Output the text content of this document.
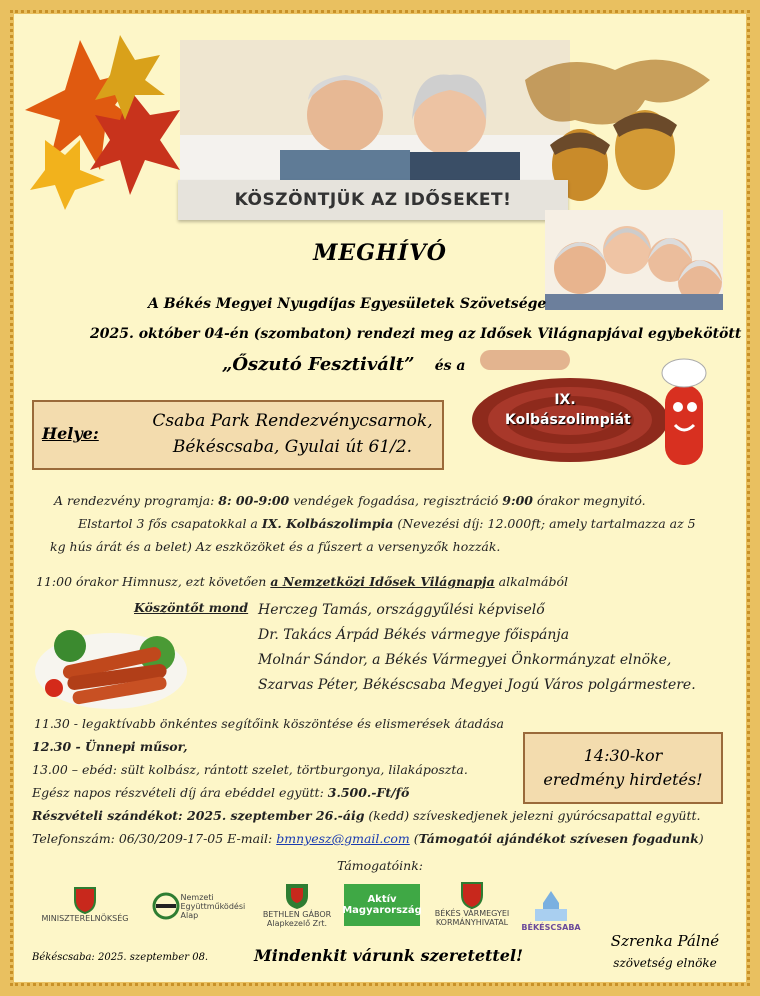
KÖSZÖNTJÜK AZ IDŐSEKET!
MEGHÍVÓ
A Békés Megyei Nyugdíjas Egyesületek Szövetsége
2025. október 04-én (szombaton) rendezi meg az Idősek Világnapjával egybekötött
„Őszutó Fesztivált” és a
IX.
Kolbászolimpiát
Helye:
Csaba Park Rendezvénycsarnok,
Békéscsaba, Gyulai út 61/2.
A rendezvény programja: 8: 00-9:00 vendégek fogadása, regisztráció 9:00 órakor megnyitó.
Elstartol 3 fős csapatokkal a IX. Kolbászolimpia (Nevezési díj: 12.000ft; amely tartalmazza az 5
kg hús árát és a belet) Az eszközöket és a fűszert a versenyzők hozzák.
11:00 órakor Himnusz, ezt követően a Nemzetközi Idősek Világnapja alkalmából
Köszöntőt mond Herczeg Tamás, országgyűlési képviselő
Dr. Takács Árpád Békés vármegye főispánja
Molnár Sándor, a Békés Vármegyei Önkormányzat elnöke,
Szarvas Péter, Békéscsaba Megyei Jogú Város polgármestere.
11.30 - legaktívabb önkéntes segítőink köszöntése és elismerések átadása
12.30 - Ünnepi műsor,
13.00 – ebéd: sült kolbász, rántott szelet, törtburgonya, lilakáposzta.
Egész napos részvételi díj ára ebéddel együtt: 3.500.-Ft/fő
Részvételi szándékot: 2025. szeptember 26.-áig (kedd) szíveskedjenek jelezni gyúrócsapattal együtt.
Telefonszám: 06/30/209-17-05 E-mail: bmnyesz@gmail.com (Támogatói ajándékot szívesen fogadunk)
14:30-kor
eredmény hirdetés!
Támogatóink:
MINISZTERELNÖKSÉG
Nemzeti Együttműködési Alap	BETHLEN GÁBOR Alapkezelő Zrt.
Aktív Magyarország	BÉKÉS VÁRMEGYEI KORMÁNYHIVATAL	BÉKÉSCSABA
Békéscsaba: 2025. szeptember 08.	Mindenkit várunk szeretettel!
Szrenka Pálné
szövetség elnöke
